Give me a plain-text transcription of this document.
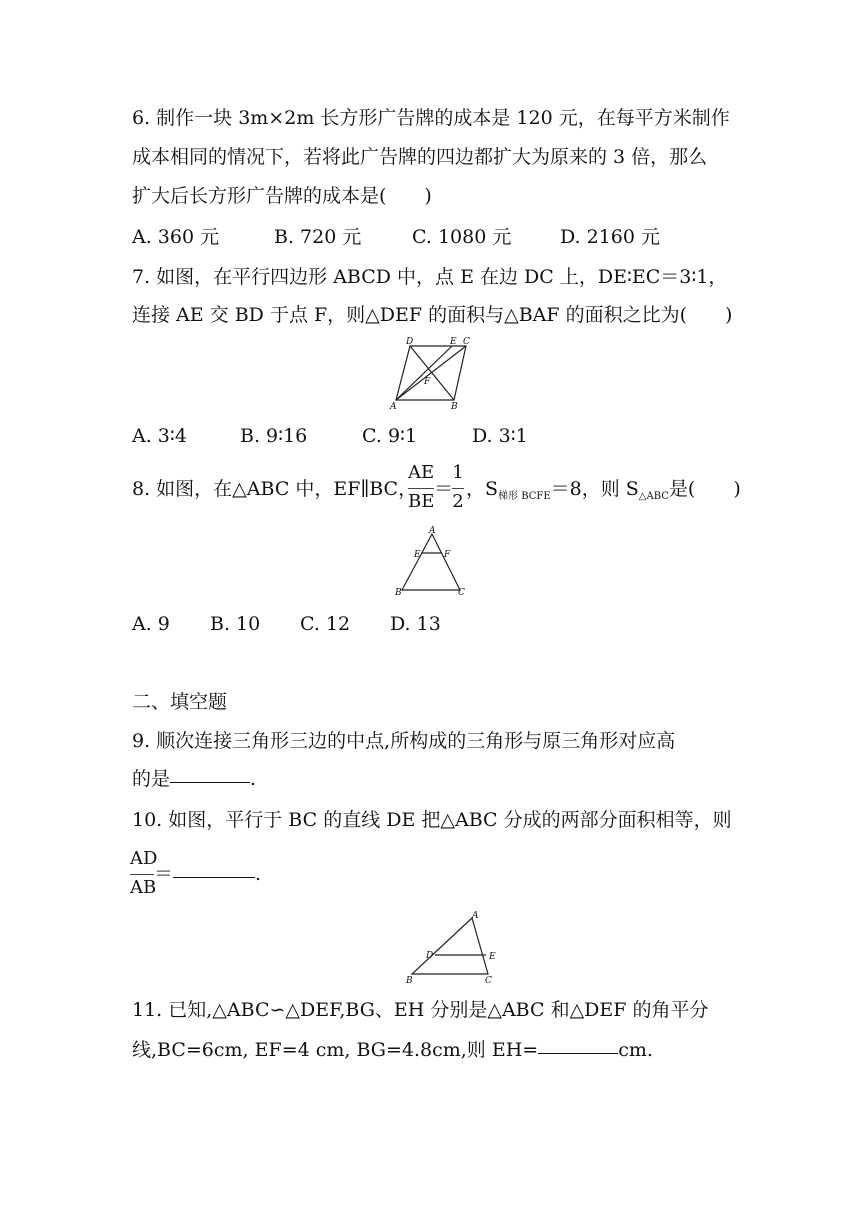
6. 制作一块 3m×2m 长方形广告牌的成本是 120 元，在每平方米制作
成本相同的情况下，若将此广告牌的四边都扩大为原来的 3 倍，那么
扩大后长方形广告牌的成本是(　　)
A. 360 元	B. 720 元	C. 1080 元	D. 2160 元
7. 如图，在平行四边形 ABCD 中，点 E 在边 DC 上，DE∶EC＝3∶1，
连接 AE 交 BD 于点 F，则△DEF 的面积与△BAF 的面积之比为(　　)
D	E C
F
A	B
A. 3∶4	B. 9∶16	C. 9∶1	D. 3∶1
8. 如图，在△ABC 中，EF∥BC，
AE
BE
＝
1
2
，$S_{梯形 BCFE}=8$，则 $S_{\triangle ABC}$是(　　)
A
E	F
B	C
A. 9 B. 10 C. 12 D. 13
二、填空题
9. 顺次连接三角形三边的中点,所构成的三角形与原三角形对应高
的是	.
10. 如图，平行于 BC 的直线 DE 把△ABC 分成的两部分面积相等，则
AD
AB
＝	.
A
D	E
B	C
11. 已知,△ABC∽△DEF,BG、EH 分别是△ABC 和△DEF 的角平分
线,BC=6cm, EF=4 cm, BG=4.8cm,则 EH=	cm.
